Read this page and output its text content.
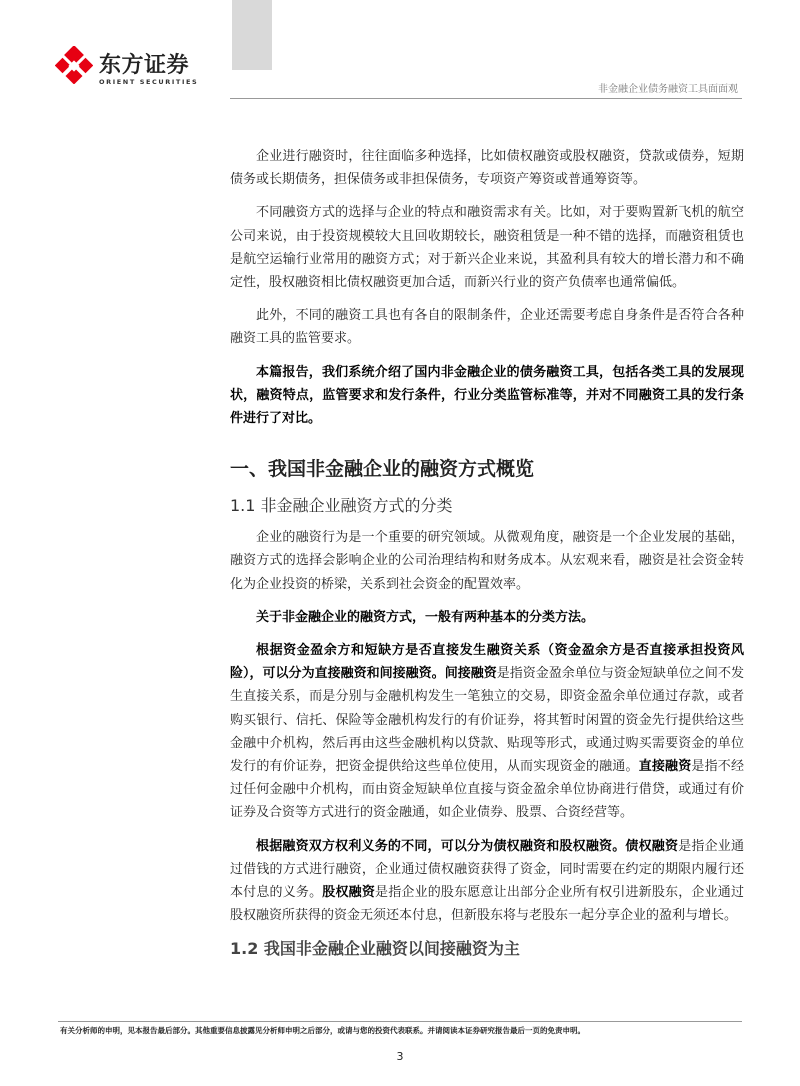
东方证券
ORIENT SECURITIES
非金融企业债务融资工具面面观

企业进行融资时，往往面临多种选择，比如债权融资或股权融资，贷款或债券，短期债务或长期债务，担保债务或非担保债务，专项资产筹资或普通筹资等。

不同融资方式的选择与企业的特点和融资需求有关。比如，对于要购置新飞机的航空公司来说，由于投资规模较大且回收期较长，融资租赁是一种不错的选择，而融资租赁也是航空运输行业常用的融资方式；对于新兴企业来说，其盈利具有较大的增长潜力和不确定性，股权融资相比债权融资更加合适，而新兴行业的资产负债率也通常偏低。

此外，不同的融资工具也有各自的限制条件，企业还需要考虑自身条件是否符合各种融资工具的监管要求。

本篇报告，我们系统介绍了国内非金融企业的债务融资工具，包括各类工具的发展现状，融资特点，监管要求和发行条件，行业分类监管标准等，并对不同融资工具的发行条件进行了对比。

一、我国非金融企业的融资方式概览
1.1 非金融企业融资方式的分类

企业的融资行为是一个重要的研究领域。从微观角度，融资是一个企业发展的基础，融资方式的选择会影响企业的公司治理结构和财务成本。从宏观来看，融资是社会资金转化为企业投资的桥梁，关系到社会资金的配置效率。

关于非金融企业的融资方式，一般有两种基本的分类方法。

根据资金盈余方和短缺方是否直接发生融资关系（资金盈余方是否直接承担投资风险），可以分为直接融资和间接融资。间接融资是指资金盈余单位与资金短缺单位之间不发生直接关系，而是分别与金融机构发生一笔独立的交易，即资金盈余单位通过存款，或者购买银行、信托、保险等金融机构发行的有价证券，将其暂时闲置的资金先行提供给这些金融中介机构，然后再由这些金融机构以贷款、贴现等形式，或通过购买需要资金的单位发行的有价证券，把资金提供给这些单位使用，从而实现资金的融通。直接融资是指不经过任何金融中介机构，而由资金短缺单位直接与资金盈余单位协商进行借贷，或通过有价证券及合资等方式进行的资金融通，如企业债券、股票、合资经营等。

根据融资双方权利义务的不同，可以分为债权融资和股权融资。债权融资是指企业通过借钱的方式进行融资，企业通过债权融资获得了资金，同时需要在约定的期限内履行还本付息的义务。股权融资是指企业的股东愿意让出部分企业所有权引进新股东，企业通过股权融资所获得的资金无须还本付息，但新股东将与老股东一起分享企业的盈利与增长。

1.2 我国非金融企业融资以间接融资为主
有关分析师的申明，见本报告最后部分。其他重要信息披露见分析师申明之后部分，或请与您的投资代表联系。并请阅读本证券研究报告最后一页的免责申明。
3
